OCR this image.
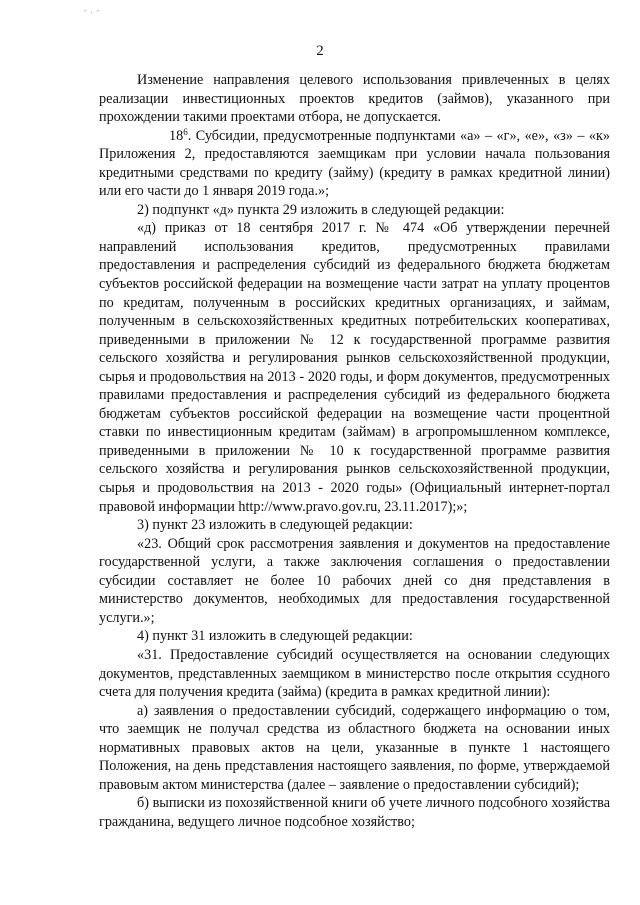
- . -
2

Изменение направления целевого использования привлеченных в целях реализации инвестиционных проектов кредитов (займов), указанного при прохождении такими проектами отбора, не допускается.

$18^6$. Субсидии, предусмотренные подпунктами «а» – «г», «е», «з» – «к» Приложения 2, предоставляются заемщикам при условии начала пользования кредитными средствами по кредиту (займу) (кредиту в рамках кредитной линии) или его части до 1 января 2019 года.»;

2) подпункт «д» пункта 29 изложить в следующей редакции:

«д) приказ от 18 сентября 2017 г. № 474 «Об утверждении перечней направлений использования кредитов, предусмотренных правилами предоставления и распределения субсидий из федерального бюджета бюджетам субъектов российской федерации на возмещение части затрат на уплату процентов по кредитам, полученным в российских кредитных организациях, и займам, полученным в сельскохозяйственных кредитных потребительских кооперативах, приведенными в приложении № 12 к государственной программе развития сельского хозяйства и регулирования рынков сельскохозяйственной продукции, сырья и продовольствия на 2013 - 2020 годы, и форм документов, предусмотренных правилами предоставления и распределения субсидий из федерального бюджета бюджетам субъектов российской федерации на возмещение части процентной ставки по инвестиционным кредитам (займам) в агропромышленном комплексе, приведенными в приложении № 10 к государственной программе развития сельского хозяйства и регулирования рынков сельскохозяйственной продукции, сырья и продовольствия на 2013 - 2020 годы» (Официальный интернет-портал правовой информации http://www.pravo.gov.ru, 23.11.2017);»;

3) пункт 23 изложить в следующей редакции:

«23. Общий срок рассмотрения заявления и документов на предоставление государственной услуги, а также заключения соглашения о предоставлении субсидии составляет не более 10 рабочих дней со дня представления в министерство документов, необходимых для предоставления государственной услуги.»;

4) пункт 31 изложить в следующей редакции:

«31. Предоставление субсидий осуществляется на основании следующих документов, представленных заемщиком в министерство после открытия ссудного счета для получения кредита (займа) (кредита в рамках кредитной линии):

а) заявления о предоставлении субсидий, содержащего информацию о том, что заемщик не получал средства из областного бюджета на основании иных нормативных правовых актов на цели, указанные в пункте 1 настоящего Положения, на день представления настоящего заявления, по форме, утверждаемой правовым актом министерства (далее – заявление о предоставлении субсидий);

б) выписки из похозяйственной книги об учете личного подсобного хозяйства гражданина, ведущего личное подсобное хозяйство;
